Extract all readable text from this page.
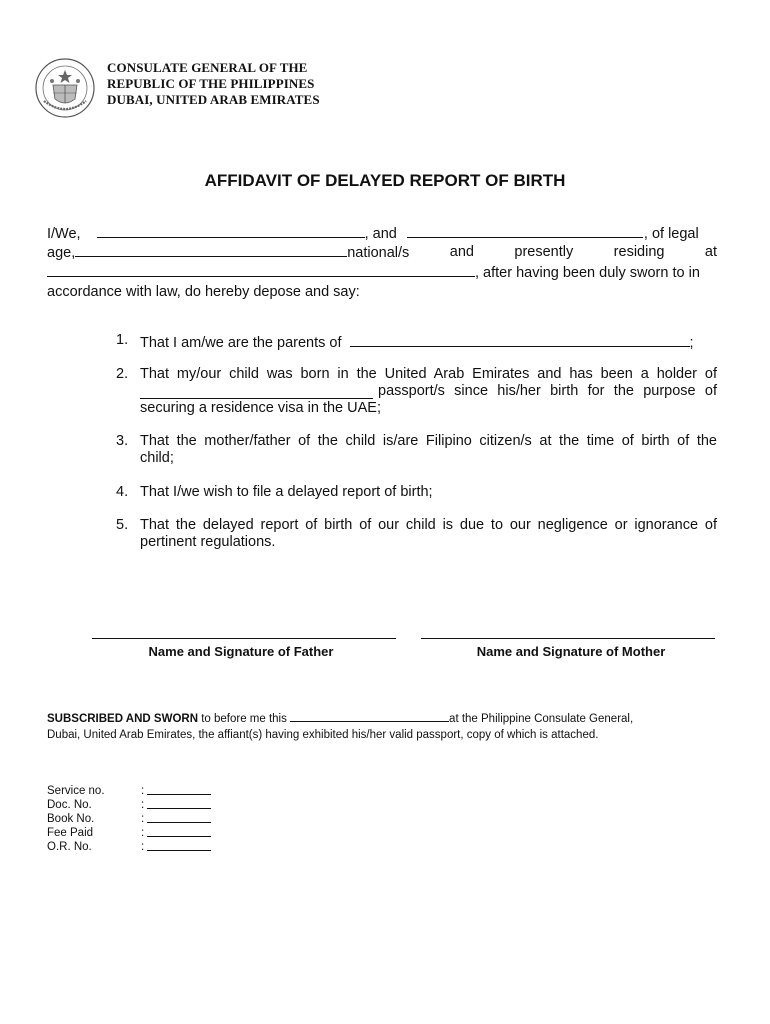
CONSULATE GENERAL OF THE
REPUBLIC OF THE PHILIPPINES
DUBAI, UNITED ARAB EMIRATES
AFFIDAVIT OF DELAYED REPORT OF BIRTH
I/We,	, and	, of legal
age,	national/s	and	presently	residing	at
, after having been duly sworn to in
accordance with law, do hereby depose and say:
1. That I am/we are the parents of	;
2. That my/our child was born in the United Arab Emirates and has been a holder of
passport/s since his/her birth for the purpose of
securing a residence visa in the UAE;
3. That the mother/father of the child is/are Filipino citizen/s at the time of birth of the
child;
4. That I/we wish to file a delayed report of birth;
5. That the delayed report of birth of our child is due to our negligence or ignorance of
pertinent regulations.
Name and Signature of Father	Name and Signature of Mother
SUBSCRIBED AND SWORN to before me this	at the Philippine Consulate General,
Dubai, United Arab Emirates, the affiant(s) having exhibited his/her valid passport, copy of which is attached.
Service no.	:
Doc. No.	:
Book No.	:
Fee Paid	:
O.R. No.	:
